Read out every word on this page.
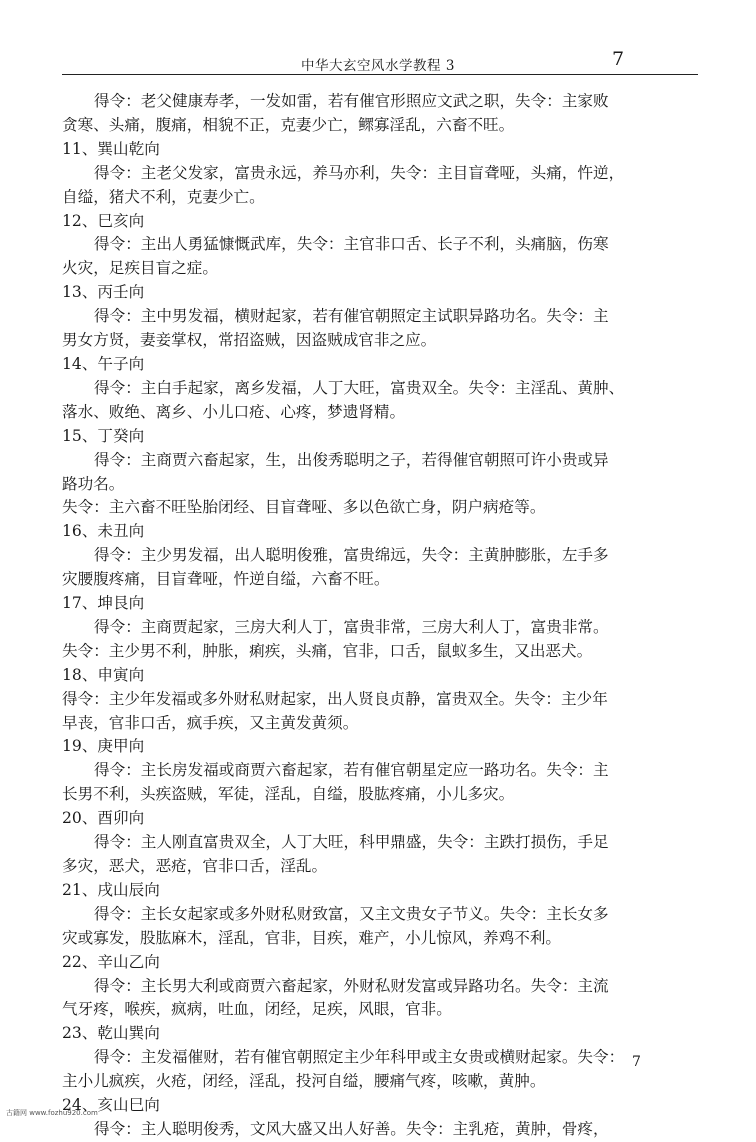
中华大玄空风水学教程 3	7

得令：老父健康寿孝，一发如雷，若有催官形照应文武之职，失令：主家败

贪寒、头痛，腹痛，相貌不正，克妻少亡，鳏寡淫乱，六畜不旺。

11、巽山乾向

得令：主老父发家，富贵永远，养马亦利，失令：主目盲聋哑，头痛，忤逆，

自缢，猪犬不利，克妻少亡。

12、巳亥向

得令：主出人勇猛慷慨武库，失令：主官非口舌、长子不利，头痛脑，伤寒

火灾，足疾目盲之症。

13、丙壬向

得令：主中男发福，横财起家，若有催官朝照定主试职异路功名。失令：主

男女方贤，妻妾掌权，常招盗贼，因盗贼成官非之应。

14、午子向

得令：主白手起家，离乡发福，人丁大旺，富贵双全。失令：主淫乱、黄肿、

落水、败绝、离乡、小儿口疮、心疼，梦遗肾精。

15、丁癸向

得令：主商贾六畜起家，生，出俊秀聪明之子，若得催官朝照可许小贵或异

路功名。

失令：主六畜不旺坠胎闭经、目盲聋哑、多以色欲亡身，阴户病疮等。

16、未丑向

得令：主少男发福，出人聪明俊雅，富贵绵远，失令：主黄肿膨胀，左手多

灾腰腹疼痛，目盲聋哑，忤逆自缢，六畜不旺。

17、坤艮向

得令：主商贾起家，三房大利人丁，富贵非常，三房大利人丁，富贵非常。

失令：主少男不利，肿胀，痢疾，头痛，官非，口舌，鼠蚁多生，又出恶犬。

18、申寅向

得令：主少年发福或多外财私财起家，出人贤良贞静，富贵双全。失令：主少年

早丧，官非口舌，疯手疾，又主黄发黄须。

19、庚甲向

得令：主长房发福或商贾六畜起家，若有催官朝星定应一路功名。失令：主

长男不利，头疾盗贼，军徒，淫乱，自缢，股肱疼痛，小儿多灾。

20、酉卯向

得令：主人刚直富贵双全，人丁大旺，科甲鼎盛，失令：主跌打损伤，手足

多灾，恶犬，恶疮，官非口舌，淫乱。

21、戌山辰向

得令：主长女起家或多外财私财致富，又主文贵女子节义。失令：主长女多

灾或寡发，股肱麻木，淫乱，官非，目疾，难产，小儿惊风，养鸡不利。

22、辛山乙向

得令：主长男大利或商贾六畜起家，外财私财发富或异路功名。失令：主流

气牙疼，喉疾，疯病，吐血，闭经，足疾，风眼，官非。

23、乾山巽向

得令：主发福催财，若有催官朝照定主少年科甲或主女贵或横财起家。失令：

主小儿疯疾，火疮，闭经，淫乱，投河自缢，腰痛气疼，咳嗽，黄肿。

24、亥山巳向

得令：主人聪明俊秀，文风大盛又出人好善。失令：主乳疮，黄肿，骨疼，

7
古籍网 www.fozhu920.com
